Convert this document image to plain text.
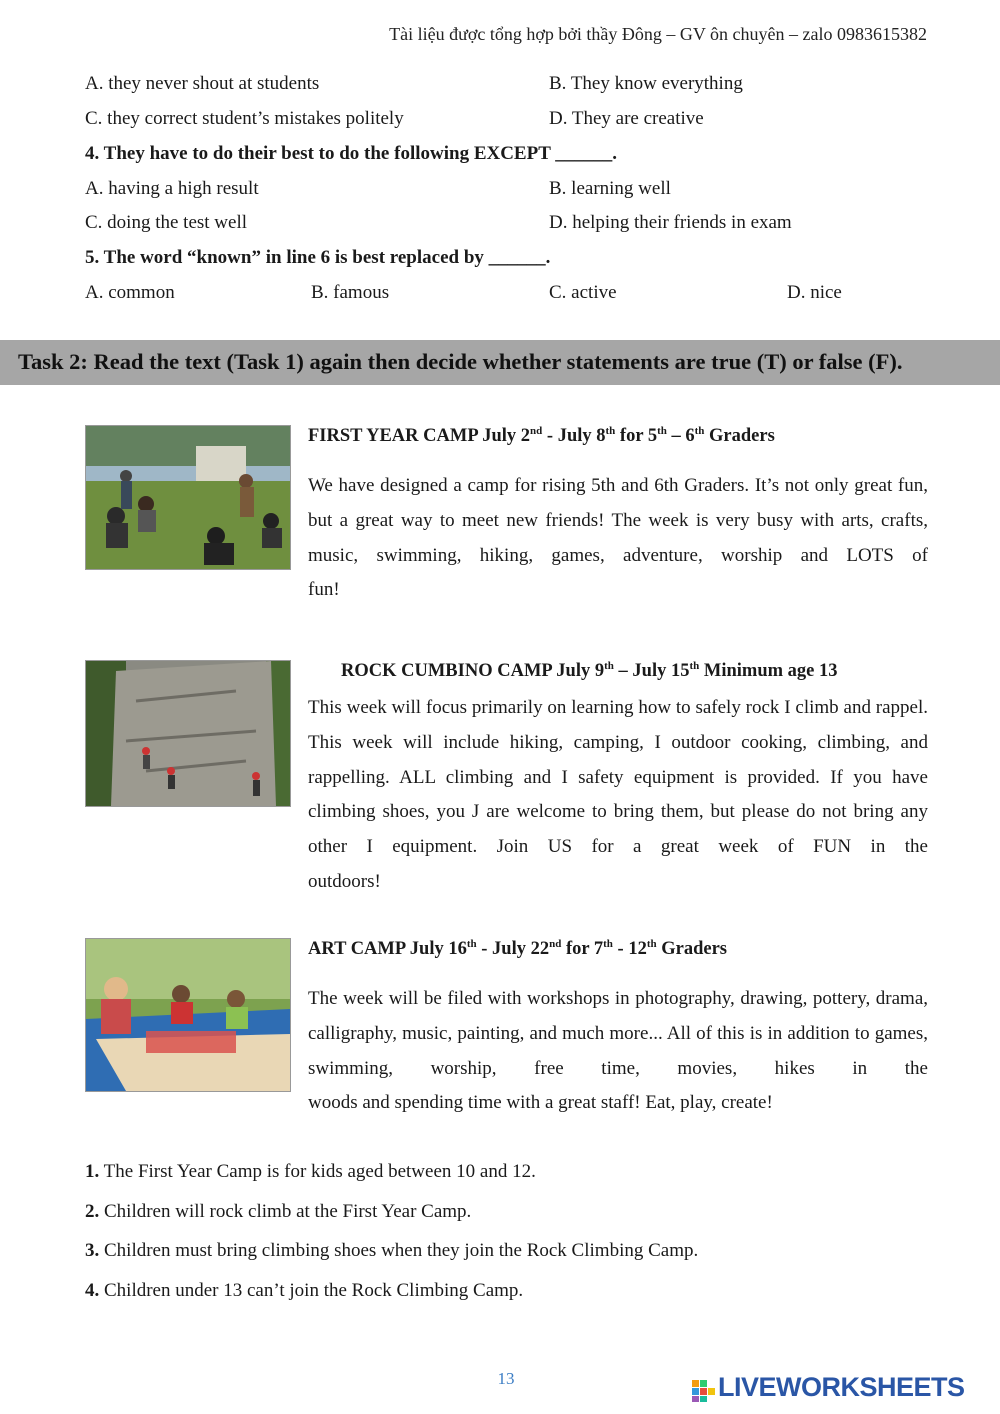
Tài liệu được tổng hợp bởi thầy Đông – GV ôn chuyên – zalo 0983615382
A. they never shout at students	B. They know everything
C. they correct student’s mistakes politely	D. They are creative
4. They have to do their best to do the following EXCEPT ______.
A. having a high result	B. learning well
C. doing the test well	D. helping their friends in exam
5. The word “known” in line 6 is best replaced by ______.
A. common	B. famous	C. active	D. nice
Task 2: Read the text (Task 1) again then decide whether statements are true (T) or false (F).
FIRST YEAR CAMP July 2nd - July 8th for 5th – 6th Graders
We have designed a camp for rising 5th and 6th Graders. It’s not only great fun, but a great way to meet new friends! The week is very busy with arts, crafts, music, swimming, hiking, games, adventure, worship and LOTS of
fun!
ROCK CUMBINO CAMP July 9th – July 15th Minimum age 13
This week will focus primarily on learning how to safely rock I climb and rappel. This week will include hiking, camping, I outdoor cooking, climbing, and rappelling. ALL climbing and I safety equipment is provided. If you have climbing shoes, you J are welcome to bring them, but please do not bring any other I equipment. Join US for a great week of FUN in the
outdoors!
ART CAMP July 16th - July 22nd for 7th - 12th Graders
The week will be filed with workshops in photography, drawing, pottery, drama, calligraphy, music, painting, and much more... All of this is in addition to games, swimming, worship, free time, movies, hikes in the
woods and spending time with a great staff! Eat, play, create!
1. The First Year Camp is for kids aged between 10 and 12.
2. Children will rock climb at the First Year Camp.
3. Children must bring climbing shoes when they join the Rock Climbing Camp.
4. Children under 13 can’t join the Rock Climbing Camp.
13	LIVEWORKSHEETS
